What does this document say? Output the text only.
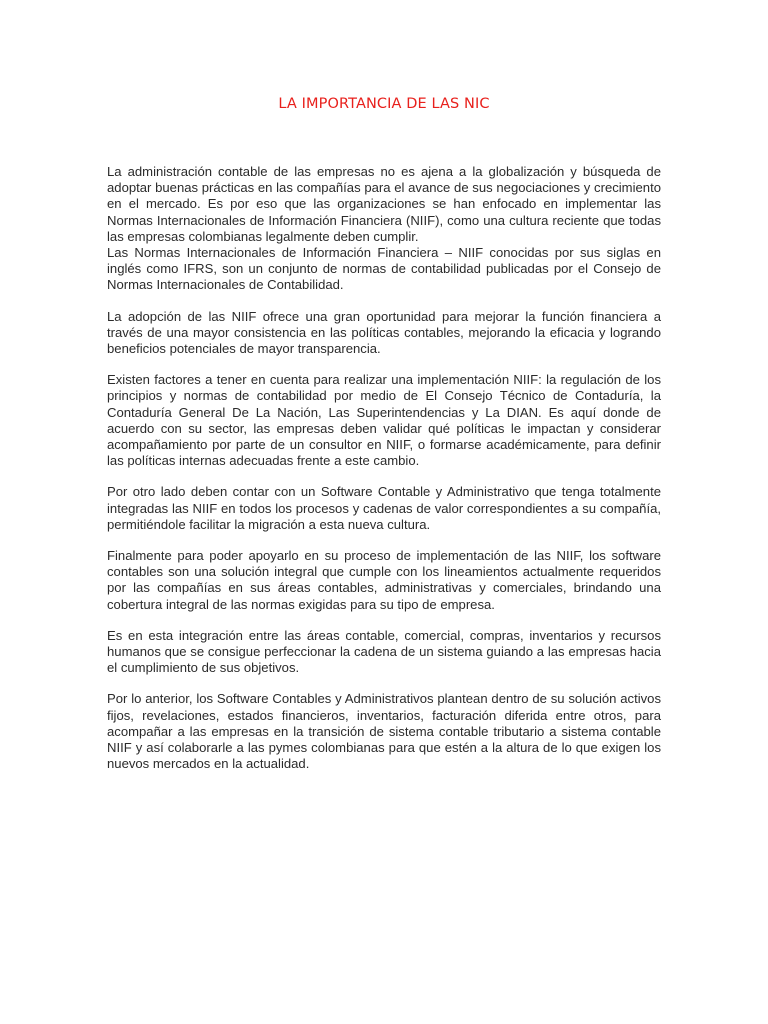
LA IMPORTANCIA DE LAS NIC

La administración contable de las empresas no es ajena a la globalización y búsqueda de adoptar buenas prácticas en las compañías para el avance de sus negociaciones y crecimiento en el mercado. Es por eso que las organizaciones se han enfocado en implementar las Normas Internacionales de Información Financiera (NIIF), como una cultura reciente que todas las empresas colombianas legalmente deben cumplir.

Las Normas Internacionales de Información Financiera – NIIF conocidas por sus siglas en inglés como IFRS, son un conjunto de normas de contabilidad publicadas por el Consejo de Normas Internacionales de Contabilidad.

La adopción de las NIIF ofrece una gran oportunidad para mejorar la función financiera a través de una mayor consistencia en las políticas contables, mejorando la eficacia y logrando beneficios potenciales de mayor transparencia.

Existen factores a tener en cuenta para realizar una implementación NIIF: la regulación de los principios y normas de contabilidad por medio de El Consejo Técnico de Contaduría, la Contaduría General De La Nación, Las Superintendencias y La DIAN. Es aquí donde de acuerdo con su sector, las empresas deben validar qué políticas le impactan y considerar acompañamiento por parte de un consultor en NIIF, o formarse académicamente, para definir las políticas internas adecuadas frente a este cambio.

Por otro lado deben contar con un Software Contable y Administrativo que tenga totalmente integradas las NIIF en todos los procesos y cadenas de valor correspondientes a su compañía, permitiéndole facilitar la migración a esta nueva cultura.

Finalmente para poder apoyarlo en su proceso de implementación de las NIIF, los software contables son una solución integral que cumple con los lineamientos actualmente requeridos por las compañías en sus áreas contables, administrativas y comerciales, brindando una cobertura integral de las normas exigidas para su tipo de empresa.

Es en esta integración entre las áreas contable, comercial, compras, inventarios y recursos humanos que se consigue perfeccionar la cadena de un sistema guiando a las empresas hacia el cumplimiento de sus objetivos.

Por lo anterior, los Software Contables y Administrativos plantean dentro de su solución activos fijos, revelaciones, estados financieros, inventarios, facturación diferida entre otros, para acompañar a las empresas en la transición de sistema contable tributario a sistema contable NIIF y así colaborarle a las pymes colombianas para que estén a la altura de lo que exigen los nuevos mercados en la actualidad.
